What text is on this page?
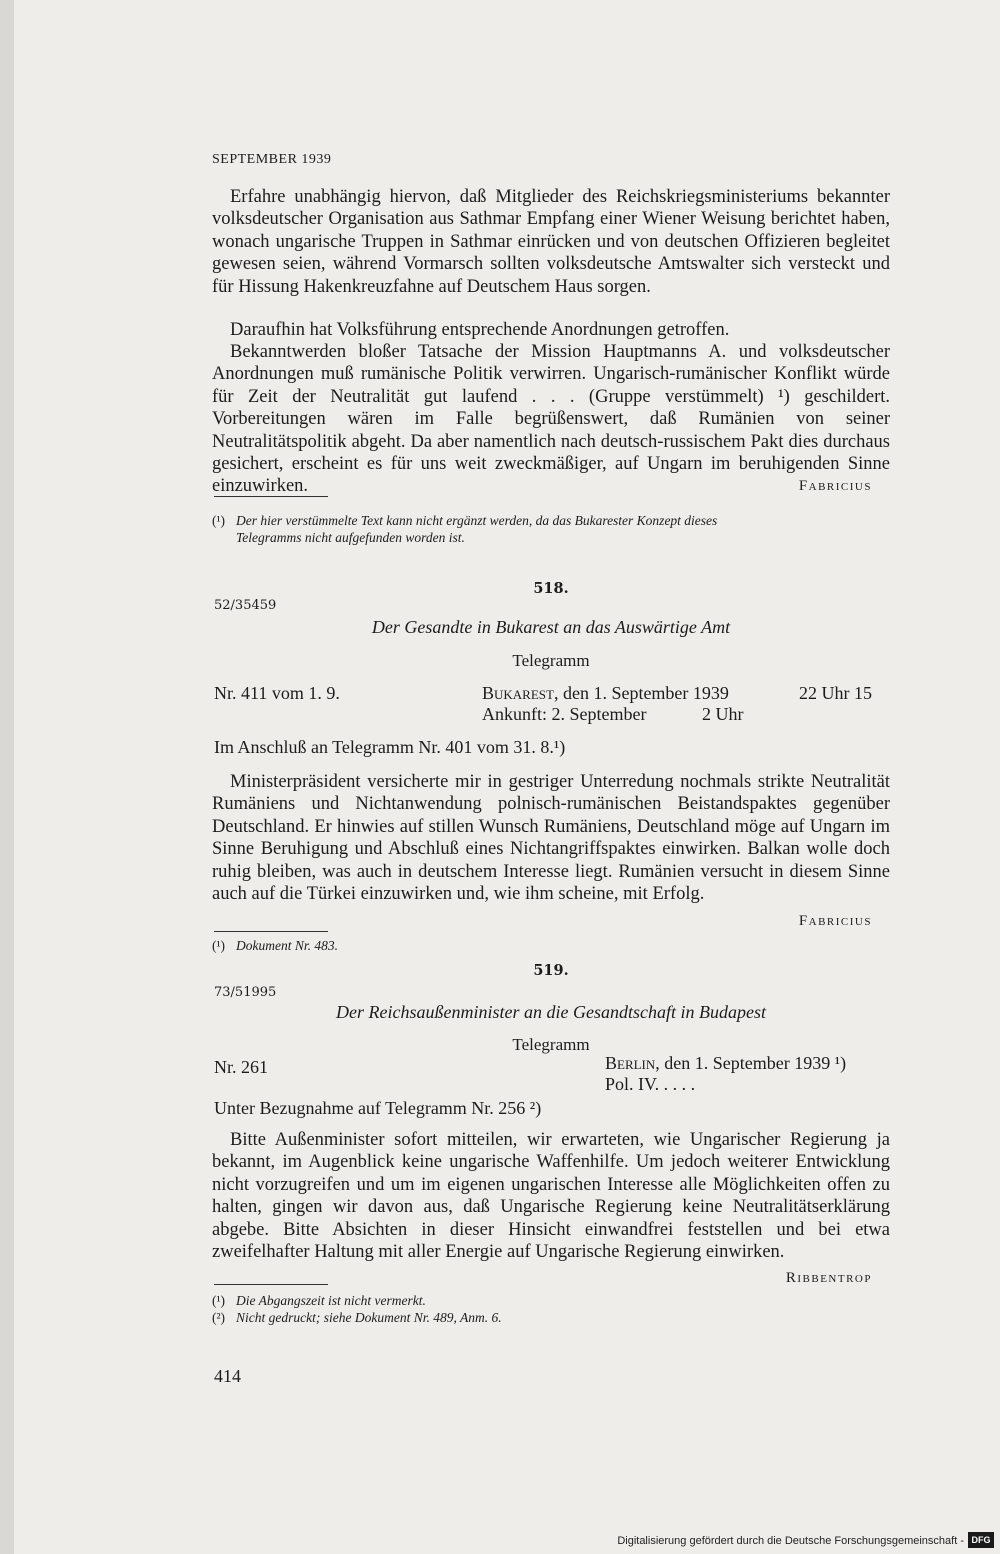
SEPTEMBER 1939

Erfahre unabhängig hiervon, daß Mitglieder des Reichskriegsministeriums bekannter volksdeutscher Organisation aus Sathmar Empfang einer Wiener Weisung berichtet haben, wonach ungarische Truppen in Sathmar einrücken und von deutschen Offizieren begleitet gewesen seien, während Vormarsch sollten volksdeutsche Amtswalter sich versteckt und für Hissung Hakenkreuzfahne auf Deutschem Haus sorgen.

Daraufhin hat Volksführung entsprechende Anordnungen getroffen.

Bekanntwerden bloßer Tatsache der Mission Hauptmanns A. und volksdeutscher Anordnungen muß rumänische Politik verwirren. Ungarisch-rumänischer Konflikt würde für Zeit der Neutralität gut laufend . . . (Gruppe verstümmelt) ¹) geschildert. Vorbereitungen wären im Falle begrüßenswert, daß Rumänien von seiner Neutralitätspolitik abgeht. Da aber namentlich nach deutsch-russischem Pakt dies durchaus gesichert, erscheint es für uns weit zweckmäßiger, auf Ungarn im beruhigenden Sinne einzuwirken.	Fabricius

(¹) Der hier verstümmelte Text kann nicht ergänzt werden, da das Bukarester Konzept dieses
Telegramms nicht aufgefunden worden ist.

518.
52/35459
Der Gesandte in Bukarest an das Auswärtige Amt
Telegramm
Nr. 411 vom 1. 9.	Bukarest, den 1. September 1939	22 Uhr 15
Ankunft: 2. September	2 Uhr
Im Anschluß an Telegramm Nr. 401 vom 31. 8.¹)

Ministerpräsident versicherte mir in gestriger Unterredung nochmals strikte Neutralität Rumäniens und Nichtanwendung polnisch-rumänischen Beistandspaktes gegenüber Deutschland. Er hinwies auf stillen Wunsch Rumäniens, Deutschland möge auf Ungarn im Sinne Beruhigung und Abschluß eines Nichtangriffspaktes einwirken. Balkan wolle doch ruhig bleiben, was auch in deutschem Interesse liegt. Rumänien versucht in diesem Sinne auch auf die Türkei einzuwirken und, wie ihm scheine, mit Erfolg.

Fabricius

(¹) Dokument Nr. 483.

519.
73/51995
Der Reichsaußenminister an die Gesandtschaft in Budapest
Telegramm
Nr. 261	Berlin, den 1. September 1939 ¹)
Pol. IV. . . . .
Unter Bezugnahme auf Telegramm Nr. 256 ²)

Bitte Außenminister sofort mitteilen, wir erwarteten, wie Ungarischer Regierung ja bekannt, im Augenblick keine ungarische Waffenhilfe. Um jedoch weiterer Entwicklung nicht vorzugreifen und um im eigenen ungarischen Interesse alle Möglichkeiten offen zu halten, gingen wir davon aus, daß Ungarische Regierung keine Neutralitätserklärung abgebe. Bitte Absichten in dieser Hinsicht einwandfrei feststellen und bei etwa zweifelhafter Haltung mit aller Energie auf Ungarische Regierung einwirken.

Ribbentrop

(¹) Die Abgangszeit ist nicht vermerkt.

(²) Nicht gedruckt; siehe Dokument Nr. 489, Anm. 6.

414
Digitalisierung gefördert durch die Deutsche Forschungsgemeinschaft - DFG
